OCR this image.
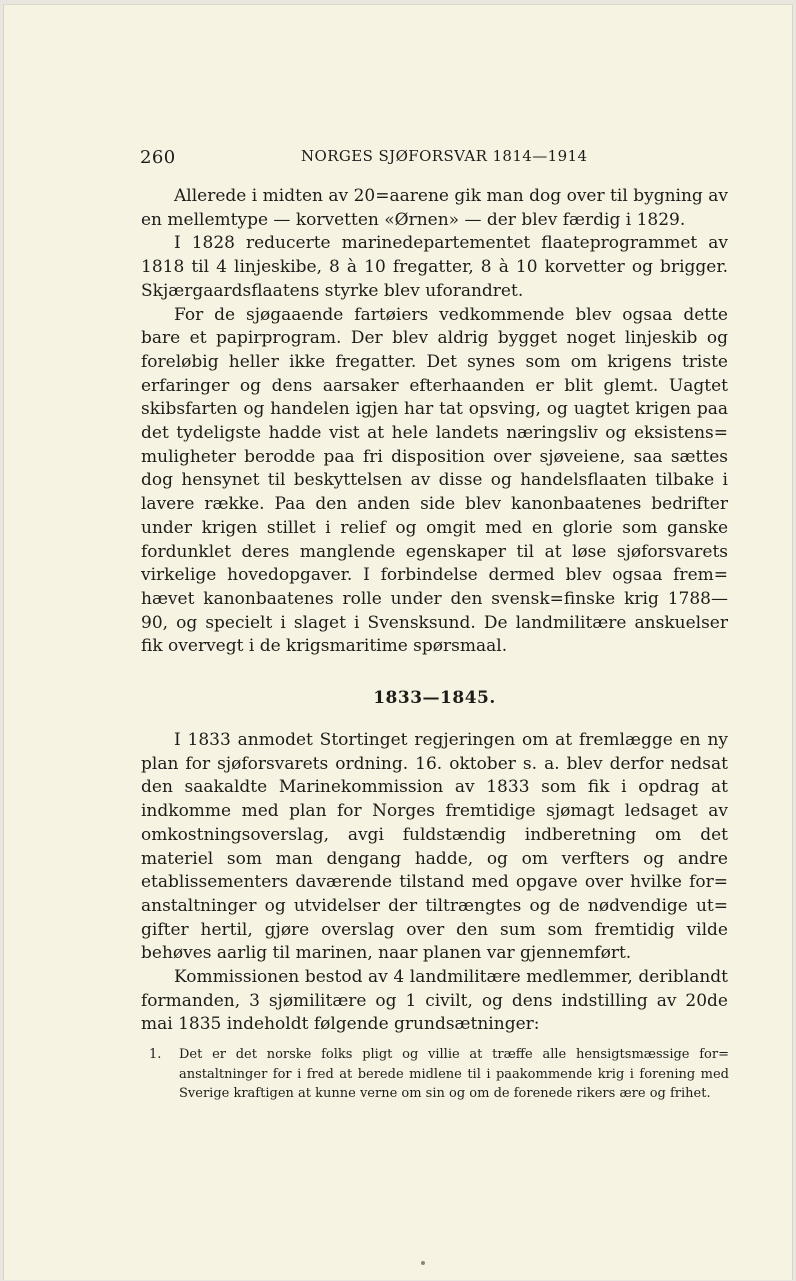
260	NORGES SJØFORSVAR 1814—1914

Allerede i midten av 20=aarene gik man dog over til bygning av en mellemtype — korvetten «Ørnen» — der blev færdig i 1829.

I 1828 reducerte marinedepartementet flaateprogrammet av 1818 til 4 linjeskibe, 8 à 10 fregatter, 8 à 10 korvetter og brigger. Skjærgaardsflaatens styrke blev uforandret.

For de sjøgaaende fartøiers vedkommende blev ogsaa dette bare et papirprogram. Der blev aldrig bygget noget linjeskib og foreløbig heller ikke fregatter. Det synes som om krigens triste erfaringer og dens aarsaker efterhaanden er blit glemt. Uagtet skibsfarten og handelen igjen har tat opsving, og uagtet krigen paa det tydeligste hadde vist at hele landets næringsliv og eksistens= muligheter berodde paa fri disposition over sjøveiene, saa sættes dog hensynet til beskyttelsen av disse og handelsflaaten tilbake i lavere række. Paa den anden side blev kanonbaatenes bedrifter under krigen stillet i relief og omgit med en glorie som ganske fordunklet deres manglende egenskaper til at løse sjøforsvarets virkelige hovedopgaver. I forbindelse dermed blev ogsaa frem= hævet kanonbaatenes rolle under den svensk=finske krig 1788—90, og specielt i slaget i Svensksund. De landmilitære anskuelser fik overvegt i de krigsmaritime spørsmaal.

1833—1845.

I 1833 anmodet Stortinget regjeringen om at fremlægge en ny plan for sjøforsvarets ordning. 16. oktober s. a. blev derfor nedsat den saakaldte Marinekommission av 1833 som fik i opdrag at indkomme med plan for Norges fremtidige sjømagt ledsaget av omkostningsoverslag, avgi fuldstændig indberetning om det materiel som man dengang hadde, og om verfters og andre etablissementers daværende tilstand med opgave over hvilke for= anstaltninger og utvidelser der tiltrængtes og de nødvendige ut= gifter hertil, gjøre overslag over den sum som fremtidig vilde behøves aarlig til marinen, naar planen var gjennemført.

Kommissionen bestod av 4 landmilitære medlemmer, deriblandt formanden, 3 sjømilitære og 1 civilt, og dens indstilling av 20de mai 1835 indeholdt følgende grundsætninger:

1.	Det er det norske folks pligt og villie at træffe alle hensigtsmæssige for= anstaltninger for i fred at berede midlene til i paakommende krig i forening med Sverige kraftigen at kunne verne om sin og om de forenede rikers ære og frihet.
